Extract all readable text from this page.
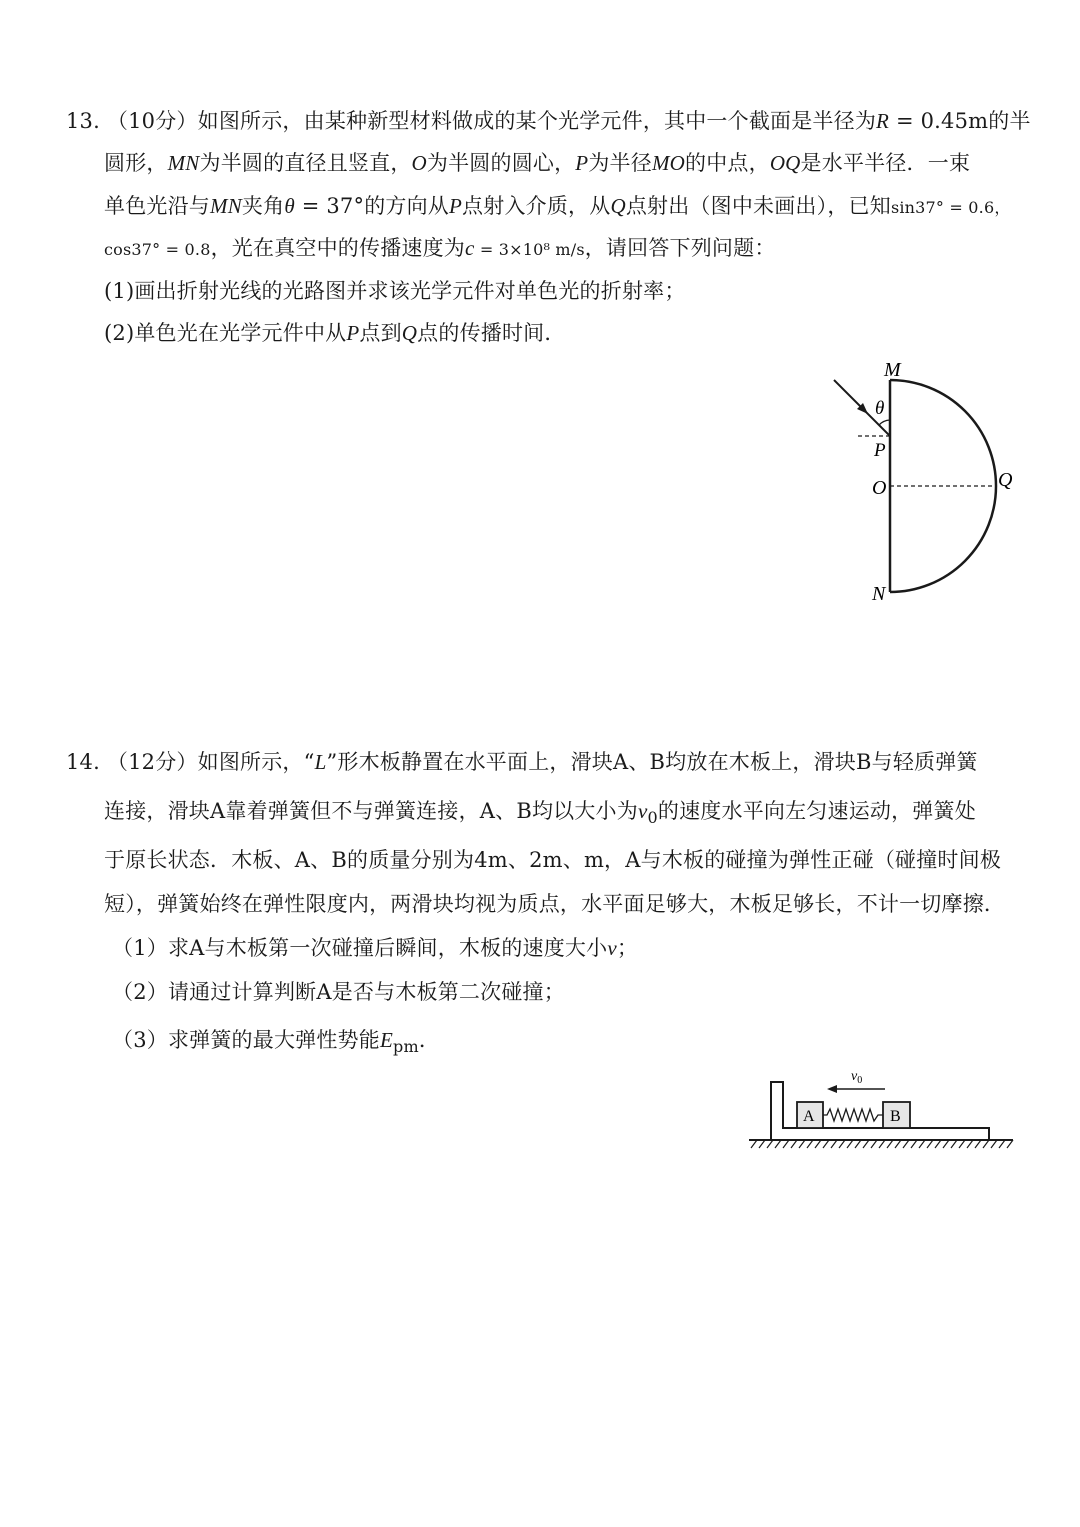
13. （10分）如图所示，由某种新型材料做成的某个光学元件，其中一个截面是半径为R = 0.45m的半
圆形，MN为半圆的直径且竖直，O为半圆的圆心，P为半径MO的中点，OQ是水平半径．一束
单色光沿与MN夹角θ = 37°的方向从P点射入介质，从Q点射出（图中未画出），已知sin37° = 0.6，
cos37° = 0.8，光在真空中的传播速度为c = 3×10⁸ m/s，请回答下列问题：
(1)画出折射光线的光路图并求该光学元件对单色光的折射率；
(2)单色光在光学元件中从P点到Q点的传播时间．
M
θ
P
O	Q
N
14. （12分）如图所示，“L”形木板静置在水平面上，滑块A、B均放在木板上，滑块B与轻质弹簧
连接，滑块A靠着弹簧但不与弹簧连接，A、B均以大小为$v_0$的速度水平向左匀速运动，弹簧处
于原长状态．木板、A、B的质量分别为4m、2m、m，A与木板的碰撞为弹性正碰（碰撞时间极
短），弹簧始终在弹性限度内，两滑块均视为质点，水平面足够大，木板足够长，不计一切摩擦．
（1）求A与木板第一次碰撞后瞬间，木板的速度大小v；
（2）请通过计算判断A是否与木板第二次碰撞；
（3）求弹簧的最大弹性势能$E_{pm}$．
A	B
$v_0$
